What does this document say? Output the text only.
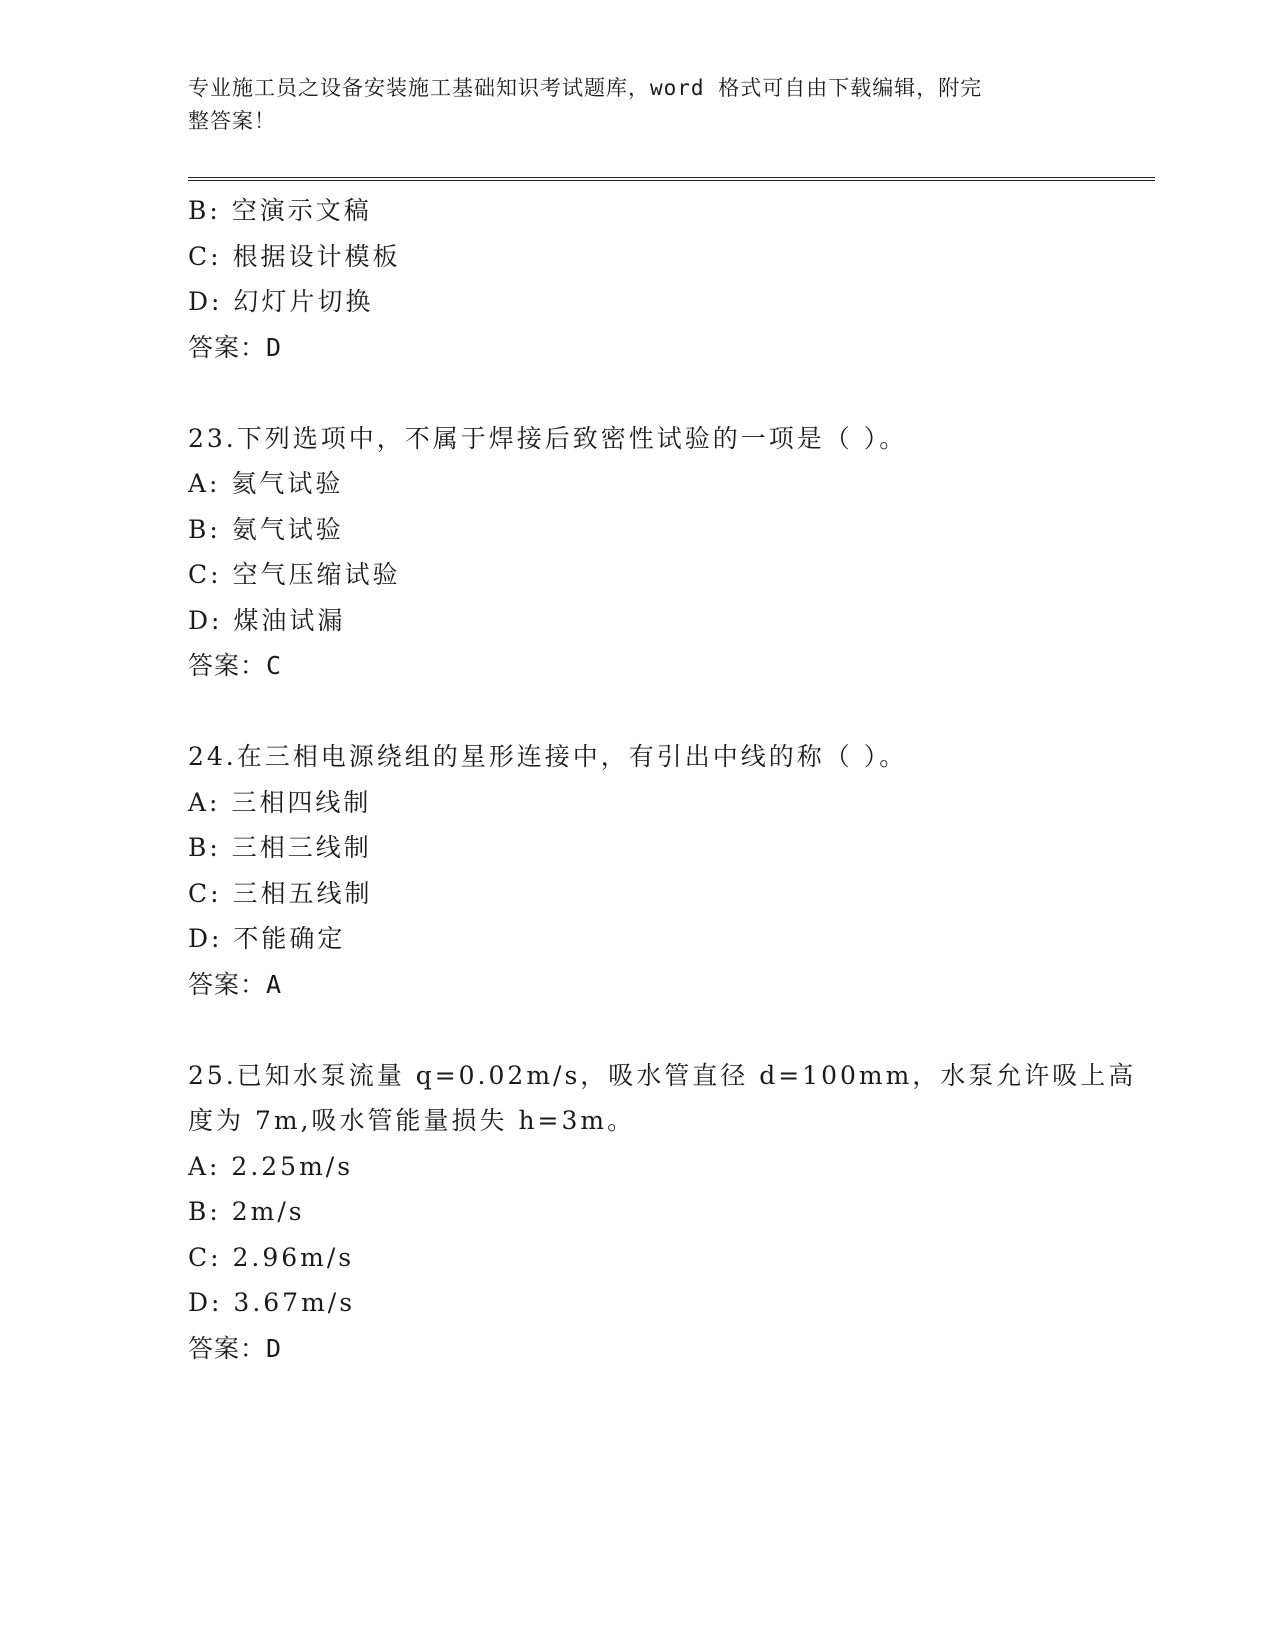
专业施工员之设备安装施工基础知识考试题库，word 格式可自由下载编辑，附完
整答案！
B: 空演示文稿
C: 根据设计模板
D: 幻灯片切换
答案：D
23.下列选项中，不属于焊接后致密性试验的一项是（ ）。
A: 氦气试验
B: 氨气试验
C: 空气压缩试验
D: 煤油试漏
答案：C
24.在三相电源绕组的星形连接中，有引出中线的称（ ）。
A: 三相四线制
B: 三相三线制
C: 三相五线制
D: 不能确定
答案：A
25.已知水泵流量 q=0.02m/s，吸水管直径 d=100mm，水泵允许吸上高
度为 7m,吸水管能量损失 h=3m。
A: 2.25m/s
B: 2m/s
C: 2.96m/s
D: 3.67m/s
答案：D
